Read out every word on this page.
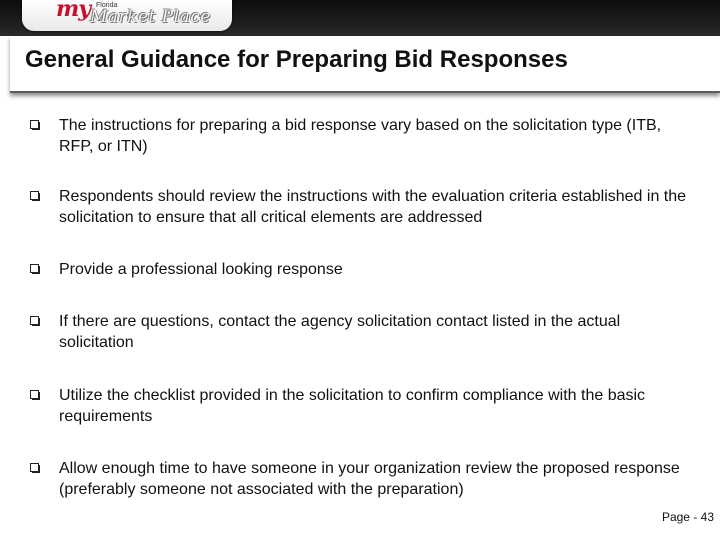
my Florida
Market Place
General Guidance for Preparing Bid Responses
The instructions for preparing a bid response vary based on the solicitation type (ITB, RFP, or ITN)
Respondents should review the instructions with the evaluation criteria established in the solicitation to ensure that all critical elements are addressed
Provide a professional looking response
If there are questions, contact the agency solicitation contact listed in the actual solicitation
Utilize the checklist provided in the solicitation to confirm compliance with the basic requirements
Allow enough time to have someone in your organization review the proposed response (preferably someone not associated with the preparation)
Page - 43
